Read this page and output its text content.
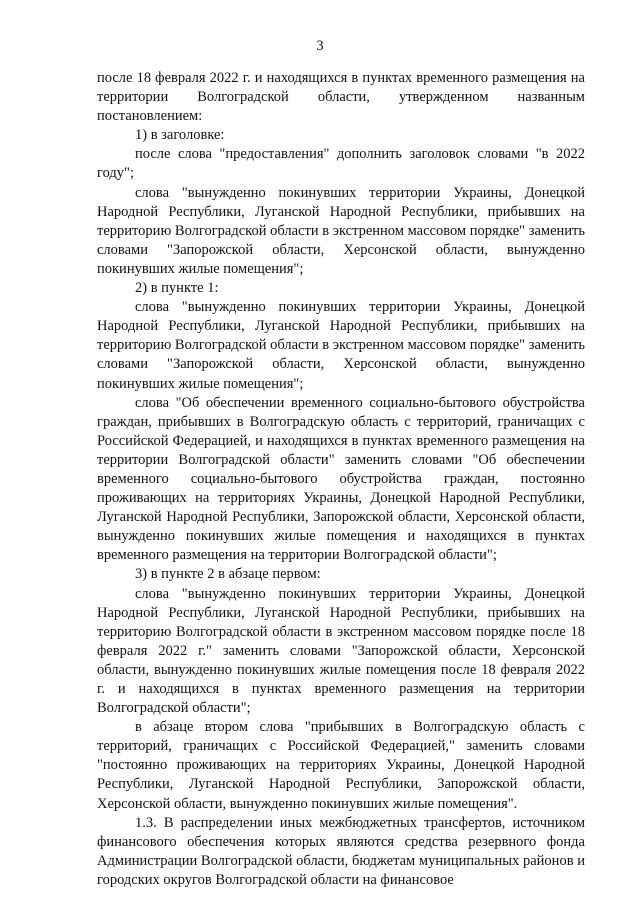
3

после 18 февраля 2022 г. и находящихся в пунктах временного размещения на территории Волгоградской области, утвержденном названным постановлением:

1) в заголовке:

после слова "предоставления" дополнить заголовок словами "в 2022 году";

слова "вынужденно покинувших территории Украины, Донецкой Народной Республики, Луганской Народной Республики, прибывших на территорию Волгоградской области в экстренном массовом порядке" заменить словами "Запорожской области, Херсонской области, вынужденно покинувших жилые помещения";

2) в пункте 1:

слова "вынужденно покинувших территории Украины, Донецкой Народной Республики, Луганской Народной Республики, прибывших на территорию Волгоградской области в экстренном массовом порядке" заменить словами "Запорожской области, Херсонской области, вынужденно покинувших жилые помещения";

слова "Об обеспечении временного социально-бытового обустройства граждан, прибывших в Волгоградскую область с территорий, граничащих с Российской Федерацией, и находящихся в пунктах временного размещения на территории Волгоградской области" заменить словами "Об обеспечении временного социально-бытового обустройства граждан, постоянно проживающих на территориях Украины, Донецкой Народной Республики, Луганской Народной Республики, Запорожской области, Херсонской области, вынужденно покинувших жилые помещения и находящихся в пунктах временного размещения на территории Волгоградской области";

3) в пункте 2 в абзаце первом:

слова "вынужденно покинувших территории Украины, Донецкой Народной Республики, Луганской Народной Республики, прибывших на территорию Волгоградской области в экстренном массовом порядке после 18 февраля 2022 г." заменить словами "Запорожской области, Херсонской области, вынужденно покинувших жилые помещения после 18 февраля 2022 г. и находящихся в пунктах временного размещения на территории Волгоградской области";

в абзаце втором слова "прибывших в Волгоградскую область с территорий, граничащих с Российской Федерацией," заменить словами "постоянно проживающих на территориях Украины, Донецкой Народной Республики, Луганской Народной Республики, Запорожской области, Херсонской области, вынужденно покинувших жилые помещения".

1.3. В распределении иных межбюджетных трансфертов, источником финансового обеспечения которых являются средства резервного фонда Администрации Волгоградской области, бюджетам муниципальных районов и городских округов Волгоградской области на финансовое
